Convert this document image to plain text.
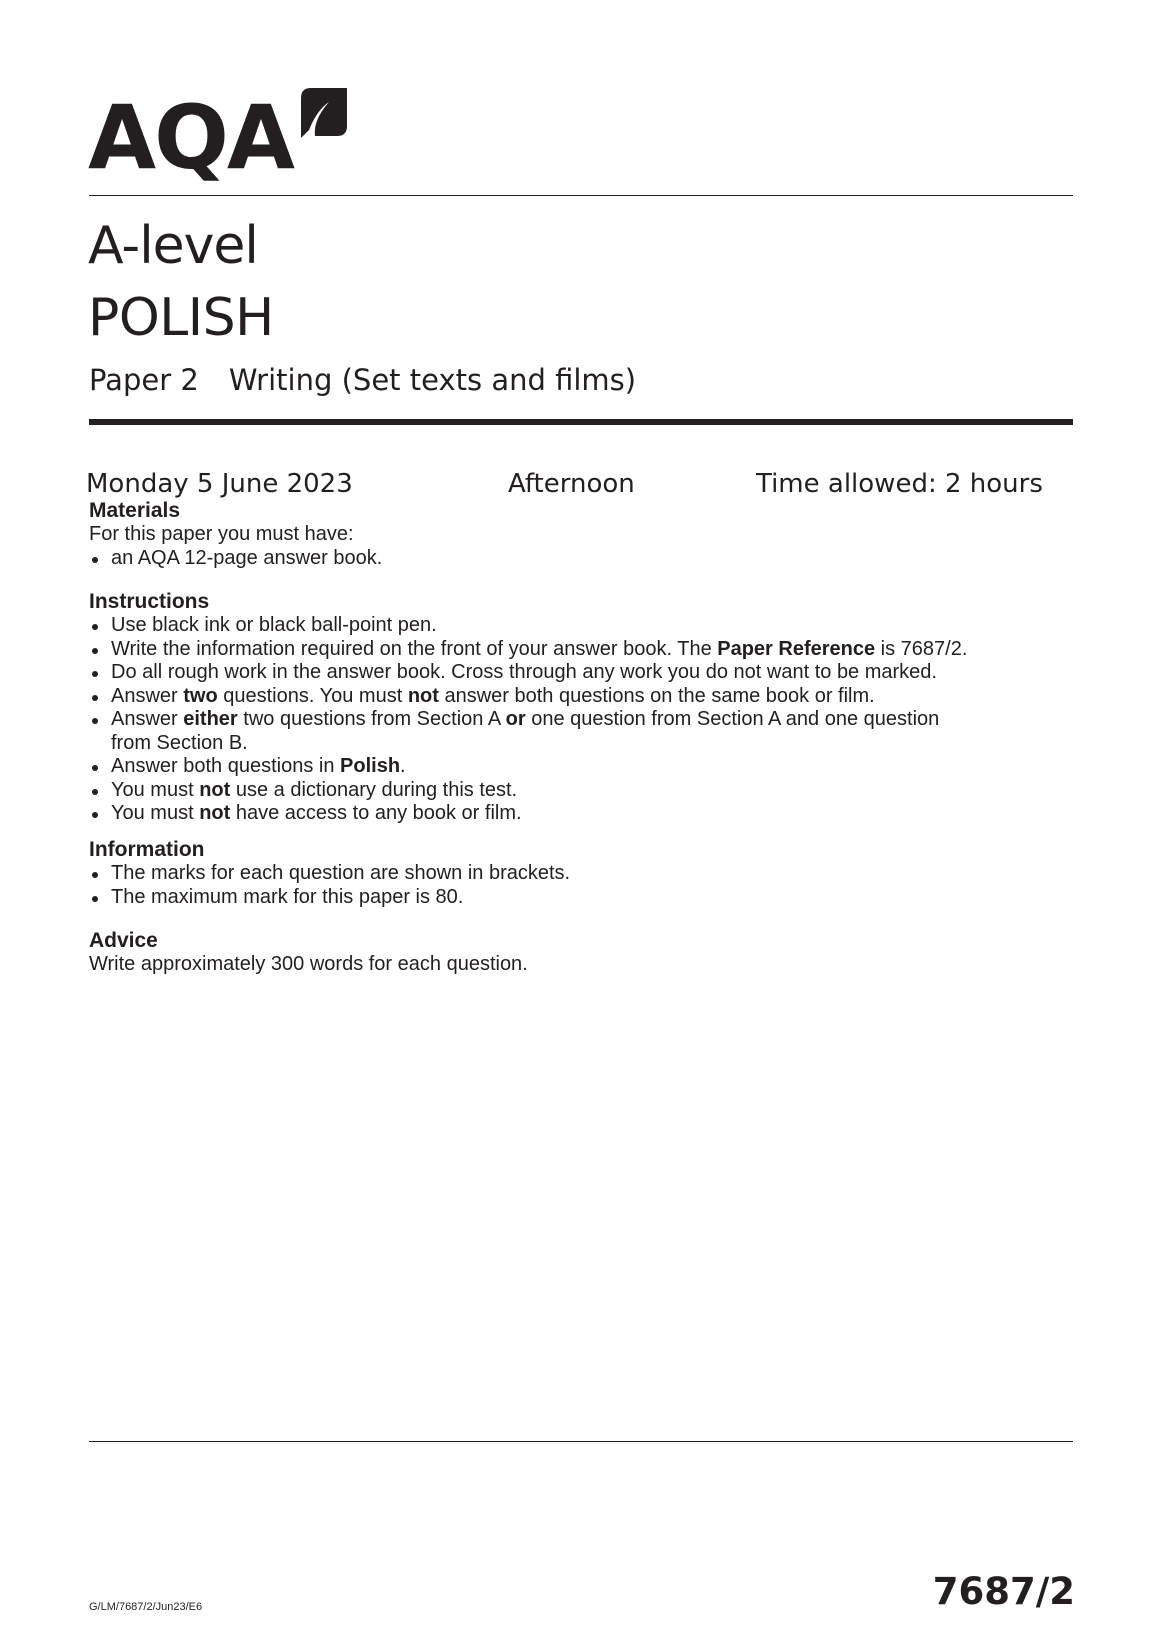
AQA
A-level
POLISH
Paper 2 Writing (Set texts and films)
Monday 5 June 2023	Afternoon	Time allowed: 2 hours
Materials

For this paper you must have:

an AQA 12-page answer book.
Instructions
Use black ink or black ball-point pen.
Write the information required on the front of your answer book. The Paper Reference is 7687/2.
Do all rough work in the answer book. Cross through any work you do not want to be marked.
Answer two questions. You must not answer both questions on the same book or film.
Answer either two questions from Section A or one question from Section A and one question from Section B.
Answer both questions in Polish.
You must not use a dictionary during this test.
You must not have access to any book or film.
Information
The marks for each question are shown in brackets.
The maximum mark for this paper is 80.
Advice

Write approximately 300 words for each question.

G/LM/7687/2/Jun23/E6	7687/2
